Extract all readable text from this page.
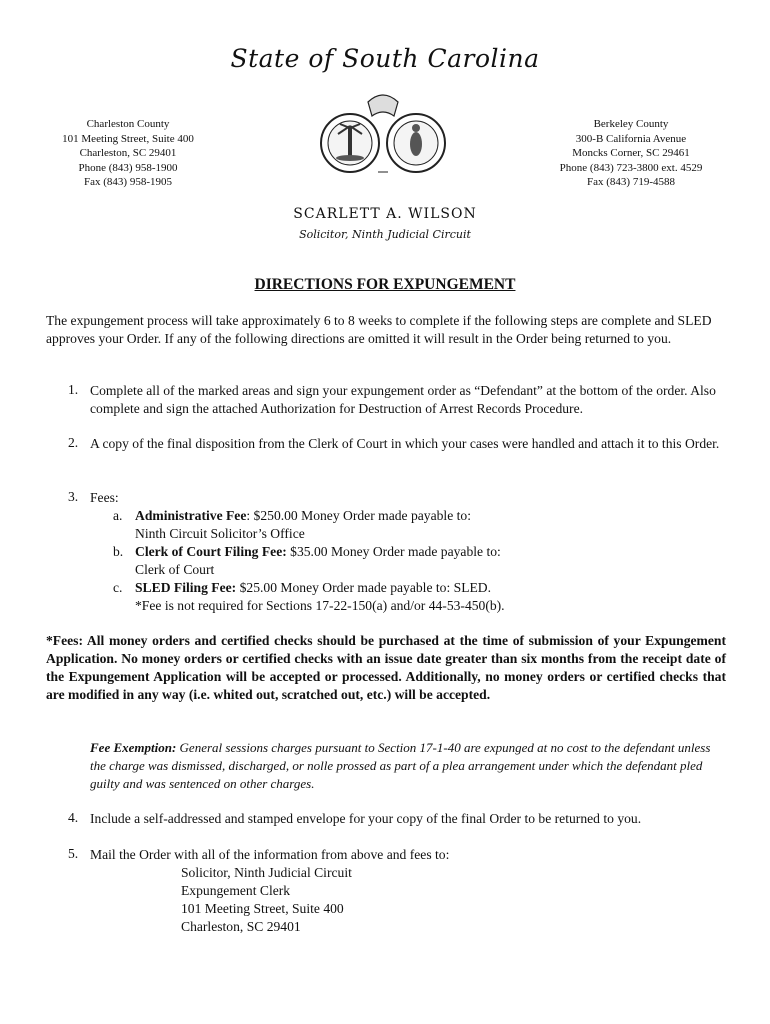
State of South Carolina
Charleston County
101 Meeting Street, Suite 400
Charleston, SC 29401
Phone (843) 958-1900
Fax (843) 958-1905
Berkeley County
300-B California Avenue
Moncks Corner, SC 29461
Phone (843) 723-3800 ext. 4529
Fax (843) 719-4588
SCARLETT A. WILSON
Solicitor, Ninth Judicial Circuit
DIRECTIONS FOR EXPUNGEMENT
The expungement process will take approximately 6 to 8 weeks to complete if the following steps are complete and SLED approves your Order. If any of the following directions are omitted it will result in the Order being returned to you.
1. Complete all of the marked areas and sign your expungement order as “Defendant” at the bottom of the order. Also complete and sign the attached Authorization for Destruction of Arrest Records Procedure.
2. A copy of the final disposition from the Clerk of Court in which your cases were handled and attach it to this Order.
3. Fees:
a. Administrative Fee: $250.00 Money Order made payable to:
Ninth Circuit Solicitor’s Office
b. Clerk of Court Filing Fee: $35.00 Money Order made payable to:
Clerk of Court
c. SLED Filing Fee: $25.00 Money Order made payable to: SLED.
*Fee is not required for Sections 17-22-150(a) and/or 44-53-450(b).
*Fees: All money orders and certified checks should be purchased at the time of submission of your Expungement Application. No money orders or certified checks with an issue date greater than six months from the receipt date of the Expungement Application will be accepted or processed. Additionally, no money orders or certified checks that are modified in any way (i.e. whited out, scratched out, etc.) will be accepted.
Fee Exemption: General sessions charges pursuant to Section 17-1-40 are expunged at no cost to the defendant unless the charge was dismissed, discharged, or nolle prossed as part of a plea arrangement under which the defendant pled guilty and was sentenced on other charges.
4. Include a self-addressed and stamped envelope for your copy of the final Order to be returned to you.
5. Mail the Order with all of the information from above and fees to:
Solicitor, Ninth Judicial Circuit
Expungement Clerk
101 Meeting Street, Suite 400
Charleston, SC 29401
